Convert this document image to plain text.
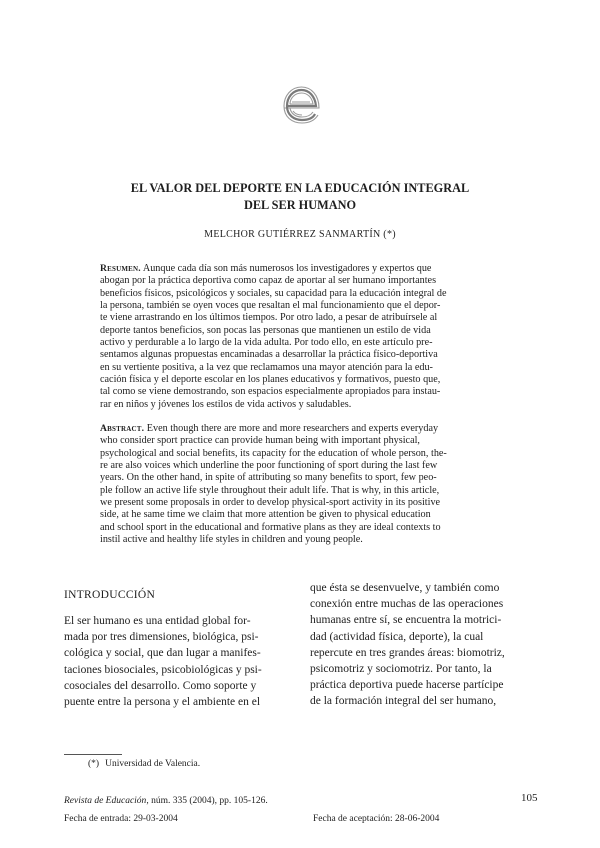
EL VALOR DEL DEPORTE EN LA EDUCACIÓN INTEGRAL
DEL SER HUMANO
MELCHOR GUTIÉRREZ SANMARTÍN (*)
Resumen. Aunque cada día son más numerosos los investigadores y expertos que
abogan por la práctica deportiva como capaz de aportar al ser humano importantes
beneficios físicos, psicológicos y sociales, su capacidad para la educación integral de
la persona, también se oyen voces que resaltan el mal funcionamiento que el depor-
te viene arrastrando en los últimos tiempos. Por otro lado, a pesar de atribuírsele al
deporte tantos beneficios, son pocas las personas que mantienen un estilo de vida
activo y perdurable a lo largo de la vida adulta. Por todo ello, en este artículo pre-
sentamos algunas propuestas encaminadas a desarrollar la práctica físico-deportiva
en su vertiente positiva, a la vez que reclamamos una mayor atención para la edu-
cación física y el deporte escolar en los planes educativos y formativos, puesto que,
tal como se viene demostrando, son espacios especialmente apropiados para instau-
rar en niños y jóvenes los estilos de vida activos y saludables.
Abstract. Even though there are more and more researchers and experts everyday
who consider sport practice can provide human being with important physical,
psychological and social benefits, its capacity for the education of whole person, the-
re are also voices which underline the poor functioning of sport during the last few
years. On the other hand, in spite of attributing so many benefits to sport, few peo-
ple follow an active life style throughout their adult life. That is why, in this article,
we present some proposals in order to develop physical-sport activity in its positive
side, at he same time we claim that more attention be given to physical education
and school sport in the educational and formative plans as they are ideal contexts to
instil active and healthy life styles in children and young people.
INTRODUCCIÓN
El ser humano es una entidad global for-
mada por tres dimensiones, biológica, psi-
cológica y social, que dan lugar a manifes-
taciones biosociales, psicobiológicas y psi-
cosociales del desarrollo. Como soporte y
puente entre la persona y el ambiente en el
que ésta se desenvuelve, y también como
conexión entre muchas de las operaciones
humanas entre sí, se encuentra la motrici-
dad (actividad física, deporte), la cual
repercute en tres grandes áreas: biomotriz,
psicomotriz y sociomotriz. Por tanto, la
práctica deportiva puede hacerse partícipe
de la formación integral del ser humano,
(*) Universidad de Valencia.
Revista de Educación, núm. 335 (2004), pp. 105-126.	105
Fecha de entrada: 29-03-2004	Fecha de aceptación: 28-06-2004
